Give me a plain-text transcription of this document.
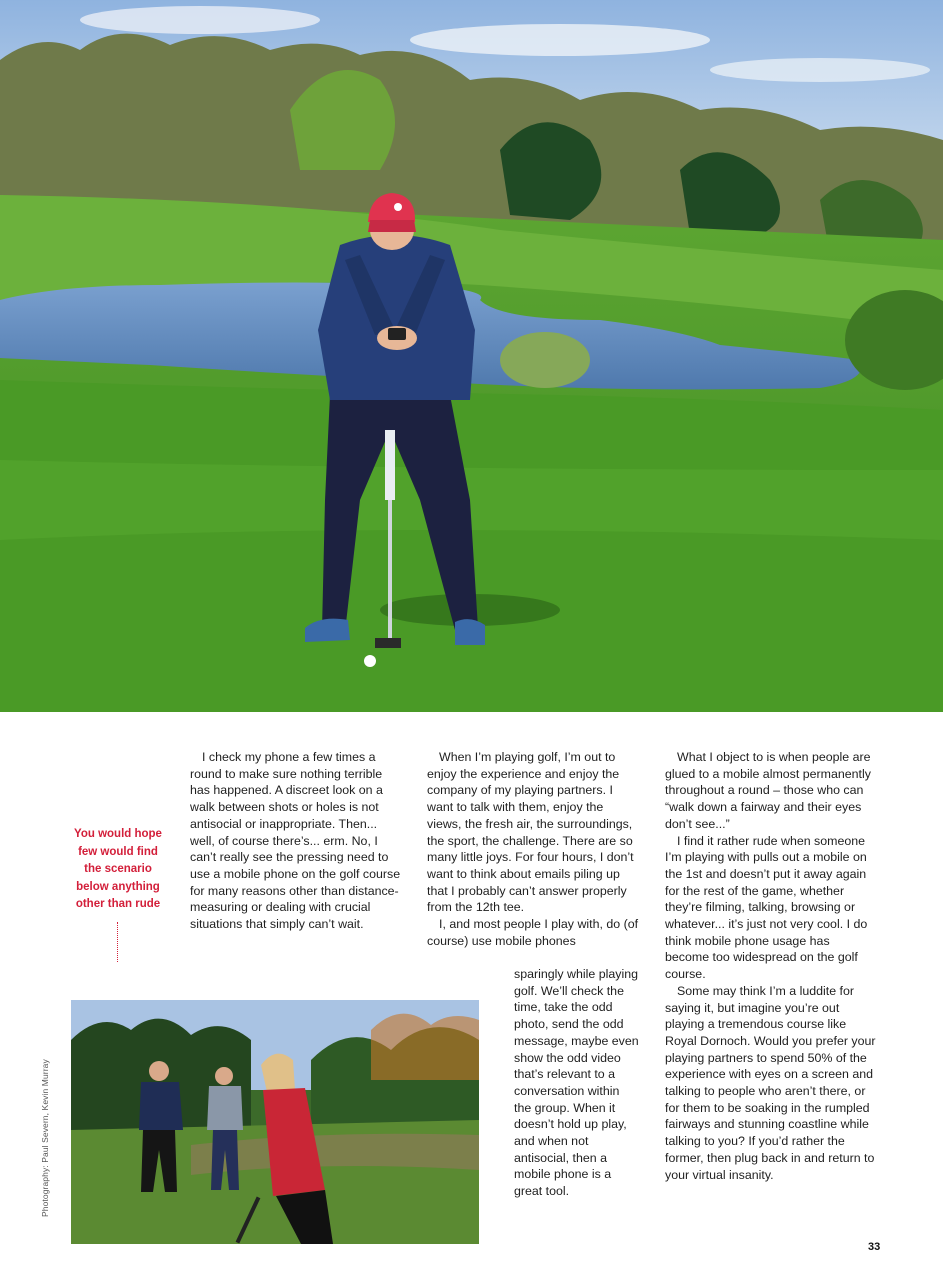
I check my phone a few times a round to make sure nothing terrible has happened. A discreet look on a walk between shots or holes is not antisocial or inappropriate. Then... well, of course there’s... erm. No, I can’t really see the pressing need to use a mobile phone on the golf course for many reasons other than distance-measuring or dealing with crucial situations that simply can’t wait.

When I’m playing golf, I’m out to enjoy the experience and enjoy the company of my playing partners. I want to talk with them, enjoy the views, the fresh air, the surroundings, the sport, the challenge. There are so many little joys. For four hours, I don’t want to think about emails piling up that I probably can’t answer properly from the 12th tee.

I, and most people I play with, do (of course) use mobile phones

sparingly while playing golf. We’ll check the time, take the odd photo, send the odd message, maybe even show the odd video that’s relevant to a conversation within the group. When it doesn’t hold up play, and when not antisocial, then a mobile phone is a great tool.

What I object to is when people are glued to a mobile almost permanently throughout a round – those who can “walk down a fairway and their eyes don’t see...”

I find it rather rude when someone I’m playing with pulls out a mobile on the 1st and doesn’t put it away again for the rest of the game, whether they’re filming, talking, browsing or whatever... it’s just not very cool. I do think mobile phone usage has become too widespread on the golf course.

Some may think I’m a luddite for saying it, but imagine you’re out playing a tremendous course like Royal Dornoch. Would you prefer your playing partners to spend 50% of the experience with eyes on a screen and talking to people who aren’t there, or for them to be soaking in the rumpled fairways and stunning coastline while talking to you? If you’d rather the former, then plug back in and return to your virtual insanity.

You would hope few would find the scenario below anything other than rude
Photography: Paul Severn, Kevin Murray
33
